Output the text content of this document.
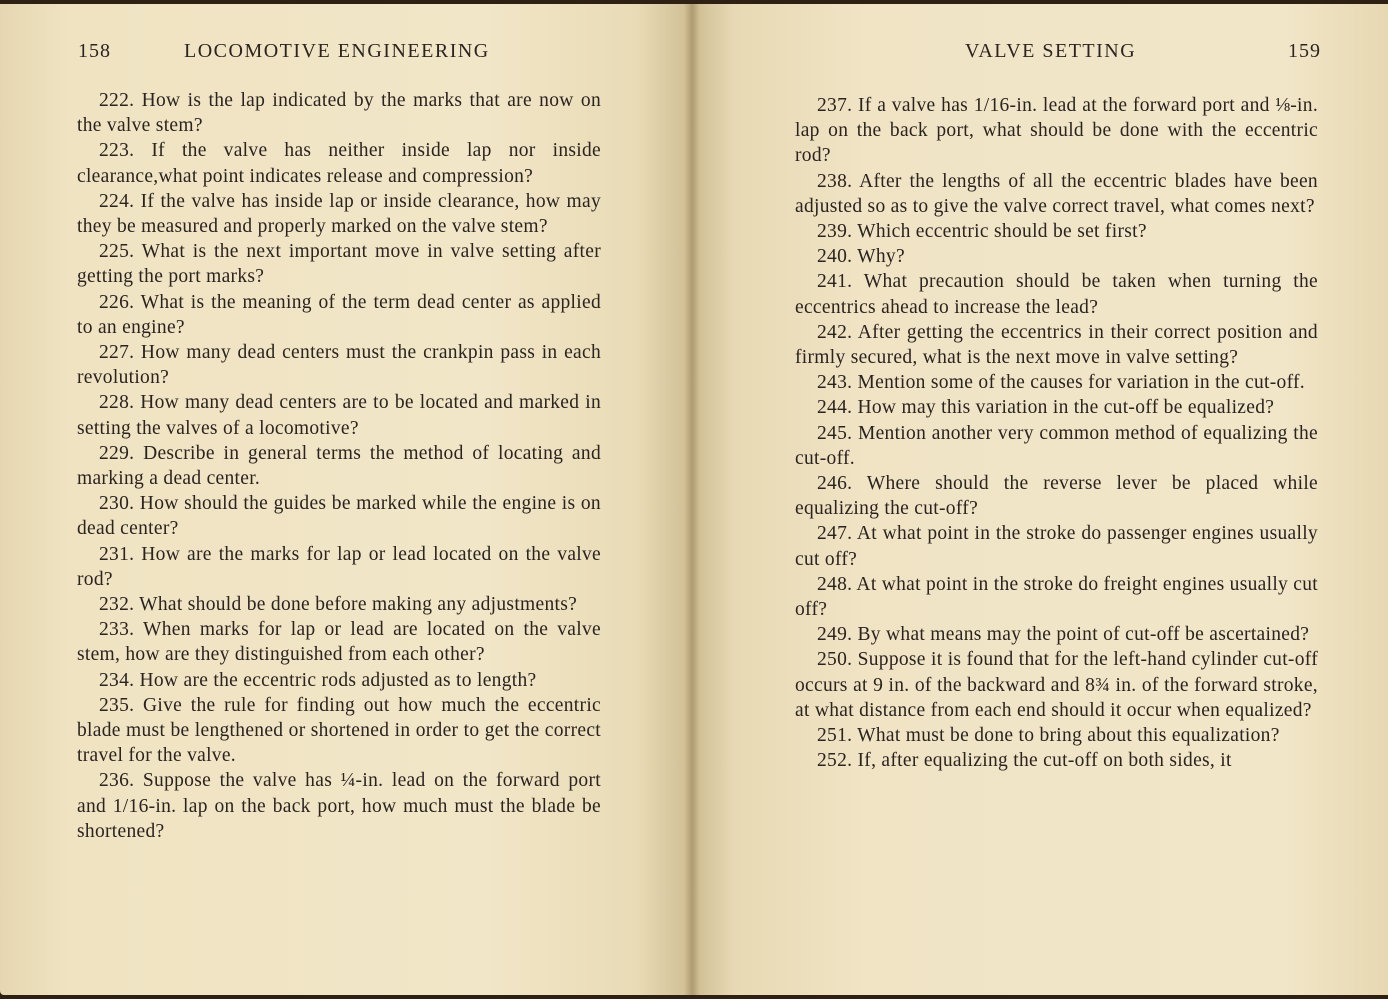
158	LOCOMOTIVE ENGINEERING

222. How is the lap indicated by the marks that are now on the valve stem?

223. If the valve has neither inside lap nor inside clearance,what point indicates release and compression?

224. If the valve has inside lap or inside clearance, how may they be measured and properly marked on the valve stem?

225. What is the next important move in valve setting after getting the port marks?

226. What is the meaning of the term dead center as applied to an engine?

227. How many dead centers must the crankpin pass in each revolution?

228. How many dead centers are to be located and marked in setting the valves of a locomotive?

229. Describe in general terms the method of locating and marking a dead center.

230. How should the guides be marked while the engine is on dead center?

231. How are the marks for lap or lead located on the valve rod?

232. What should be done before making any adjustments?

233. When marks for lap or lead are located on the valve stem, how are they distinguished from each other?

234. How are the eccentric rods adjusted as to length?

235. Give the rule for finding out how much the eccentric blade must be lengthened or shortened in order to get the correct travel for the valve.

236. Suppose the valve has ¼-in. lead on the forward port and 1/16-in. lap on the back port, how much must the blade be shortened?

VALVE SETTING	159

237. If a valve has 1/16-in. lead at the forward port and ⅛-in. lap on the back port, what should be done with the eccentric rod?

238. After the lengths of all the eccentric blades have been adjusted so as to give the valve correct travel, what comes next?

239. Which eccentric should be set first?

240. Why?

241. What precaution should be taken when turning the eccentrics ahead to increase the lead?

242. After getting the eccentrics in their correct position and firmly secured, what is the next move in valve setting?

243. Mention some of the causes for variation in the cut-off.

244. How may this variation in the cut-off be equalized?

245. Mention another very common method of equalizing the cut-off.

246. Where should the reverse lever be placed while equalizing the cut-off?

247. At what point in the stroke do passenger engines usually cut off?

248. At what point in the stroke do freight engines usually cut off?

249. By what means may the point of cut-off be ascertained?

250. Suppose it is found that for the left-hand cylinder cut-off occurs at 9 in. of the backward and 8¾ in. of the forward stroke, at what distance from each end should it occur when equalized?

251. What must be done to bring about this equalization?

252. If, after equalizing the cut-off on both sides, it
